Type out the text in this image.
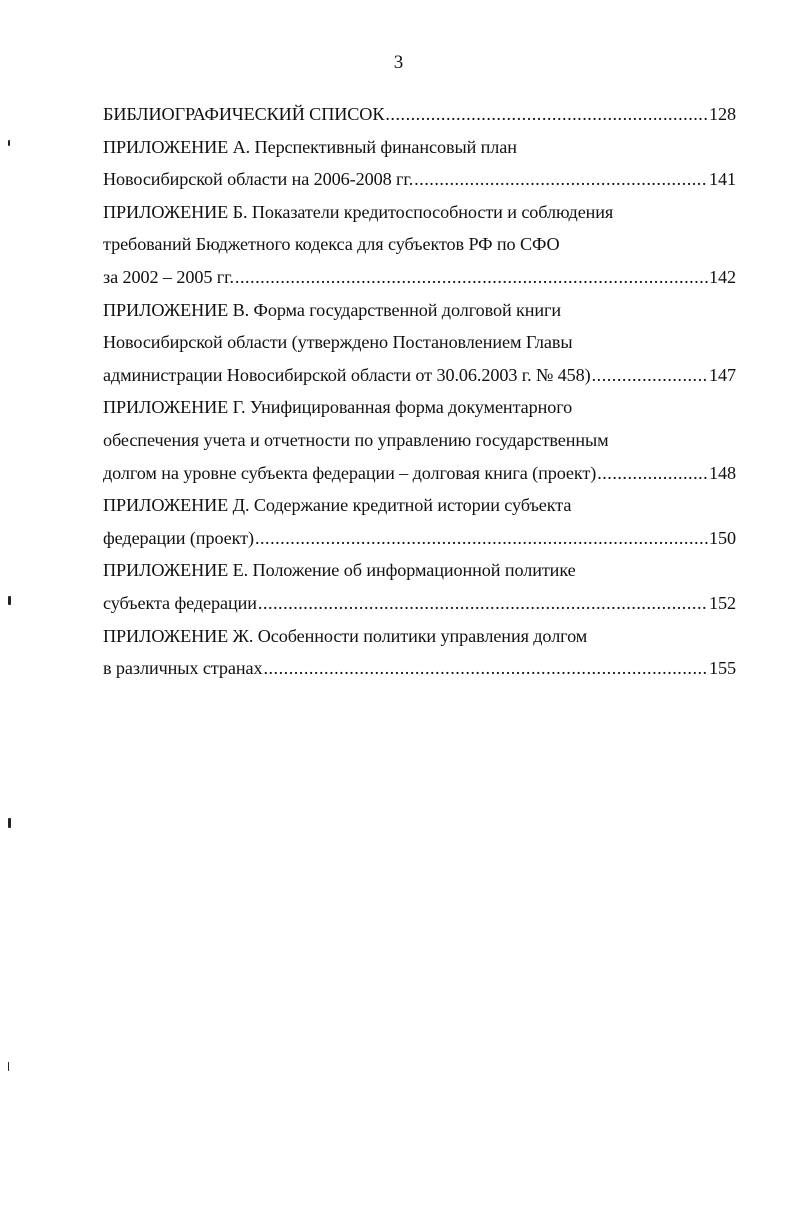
3
БИБЛИОГРАФИЧЕСКИЙ СПИСОК .....	128
ПРИЛОЖЕНИЕ А. Перспективный финансовый план
Новосибирской области на 2006-2008 гг. .....	141
ПРИЛОЖЕНИЕ Б. Показатели кредитоспособности и соблюдения
требований Бюджетного кодекса для субъектов РФ по СФО
за 2002 – 2005 гг. .....	142
ПРИЛОЖЕНИЕ В. Форма государственной долговой книги
Новосибирской области (утверждено Постановлением Главы
администрации Новосибирской области от 30.06.2003 г. № 458) .....	147
ПРИЛОЖЕНИЕ Г. Унифицированная форма документарного
обеспечения учета и отчетности по управлению государственным
долгом на уровне субъекта федерации – долговая книга (проект) .....	148
ПРИЛОЖЕНИЕ Д. Содержание кредитной истории субъекта
федерации (проект) .....	150
ПРИЛОЖЕНИЕ Е. Положение об информационной политике
субъекта федерации .....	152
ПРИЛОЖЕНИЕ Ж. Особенности политики управления долгом
в различных странах .....	155
